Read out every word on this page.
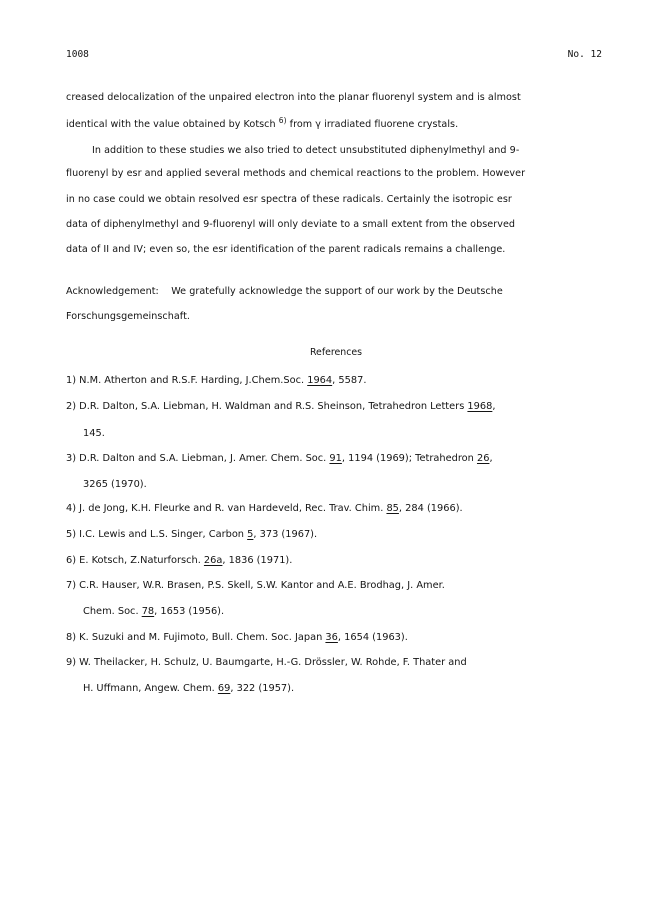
1008	No. 12
creased delocalization of the unpaired electron into the planar fluorenyl system and is almost
identical with the value obtained by Kotsch $^{6)}$ from γ irradiated fluorene crystals.
In addition to these studies we also tried to detect unsubstituted diphenylmethyl and 9-
fluorenyl by esr and applied several methods and chemical reactions to the problem. However
in no case could we obtain resolved esr spectra of these radicals. Certainly the isotropic esr
data of diphenylmethyl and 9-fluorenyl will only deviate to a small extent from the observed
data of II and IV; even so, the esr identification of the parent radicals remains a challenge.
Acknowledgement:    We gratefully acknowledge the support of our work by the Deutsche
Forschungsgemeinschaft.
References
1) N.M. Atherton and R.S.F. Harding, J.Chem.Soc. 1964, 5587.
2) D.R. Dalton, S.A. Liebman, H. Waldman and R.S. Sheinson, Tetrahedron Letters 1968,
145.
3) D.R. Dalton and S.A. Liebman, J. Amer. Chem. Soc. 91, 1194 (1969); Tetrahedron 26,
3265 (1970).
4) J. de Jong, K.H. Fleurke and R. van Hardeveld, Rec. Trav. Chim. 85, 284 (1966).
5) I.C. Lewis and L.S. Singer, Carbon 5, 373 (1967).
6) E. Kotsch, Z.Naturforsch. 26a, 1836 (1971).
7) C.R. Hauser, W.R. Brasen, P.S. Skell, S.W. Kantor and A.E. Brodhag, J. Amer.
Chem. Soc. 78, 1653 (1956).
8) K. Suzuki and M. Fujimoto, Bull. Chem. Soc. Japan 36, 1654 (1963).
9) W. Theilacker, H. Schulz, U. Baumgarte, H.-G. Drössler, W. Rohde, F. Thater and
H. Uffmann, Angew. Chem. 69, 322 (1957).
